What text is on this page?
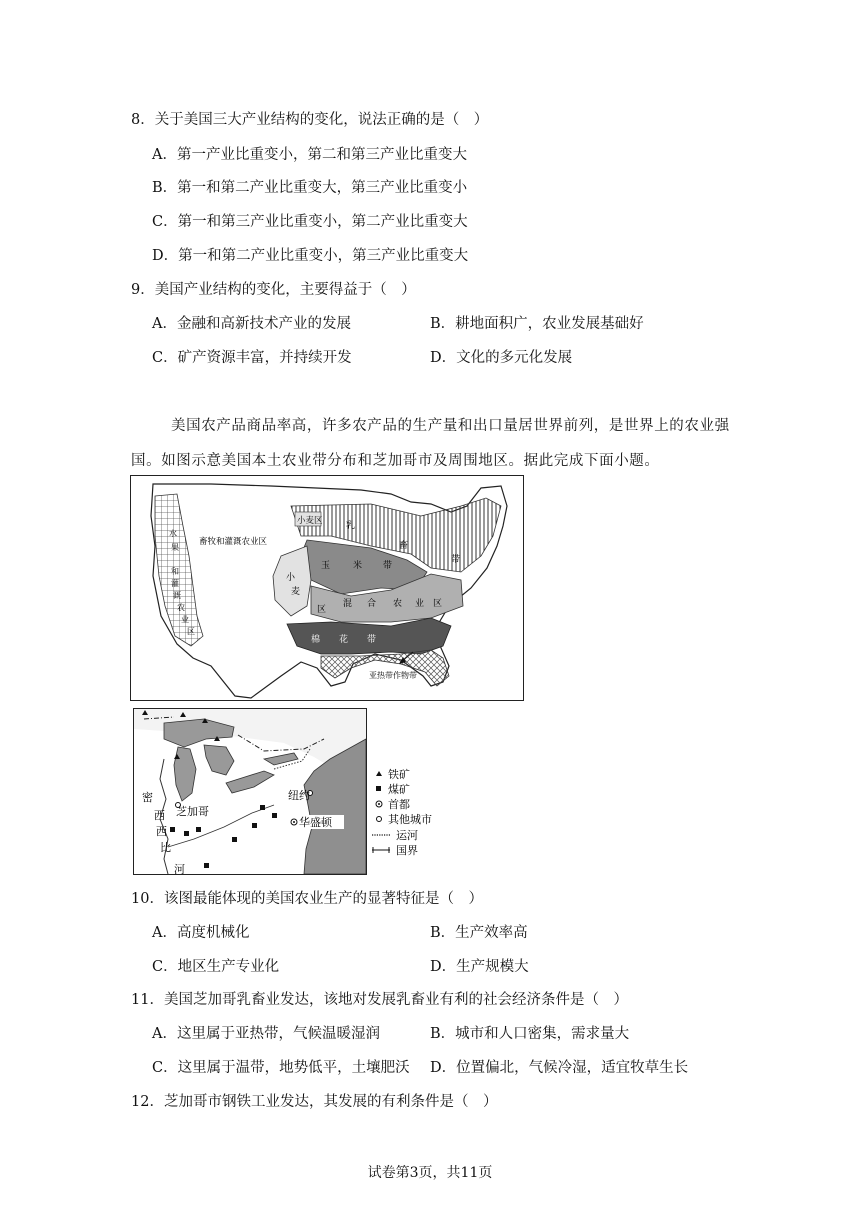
8．关于美国三大产业结构的变化，说法正确的是（　）
A．第一产业比重变小，第二和第三产业比重变大
B．第一和第二产业比重变大，第三产业比重变小
C．第一和第三产业比重变小，第二产业比重变大
D．第一和第二产业比重变小，第三产业比重变大
9．美国产业结构的变化，主要得益于（　）
A．金融和高新技术产业的发展	B．耕地面积广，农业发展基础好
C．矿产资源丰富，并持续开发	D．文化的多元化发展
美国农产品商品率高，许多农产品的生产量和出口量居世界前列，是世界上的农业强
国。如图示意美国本土农业带分布和芝加哥市及周围地区。据此完成下面小题。
小麦区
畜牧和灌溉农业区
乳
畜
带
玉	米 带
小
麦
区
混 合 农 业 区
棉 花 带
亚热带作物带
水
果
和
灌
溉
农
业
区
密
西
西
比
河
芝加哥
纽约
华盛顿
铁矿
煤矿
首都
其他城市
运河
国界
10．该图最能体现的美国农业生产的显著特征是（　）
A．高度机械化	B．生产效率高
C．地区生产专业化	D．生产规模大
11．美国芝加哥乳畜业发达，该地对发展乳畜业有利的社会经济条件是（　）
A．这里属于亚热带，气候温暖湿润	B．城市和人口密集，需求量大
C．这里属于温带，地势低平，土壤肥沃 D．位置偏北，气候冷湿，适宜牧草生长
12．芝加哥市钢铁工业发达，其发展的有利条件是（　）
试卷第3页，共11页
